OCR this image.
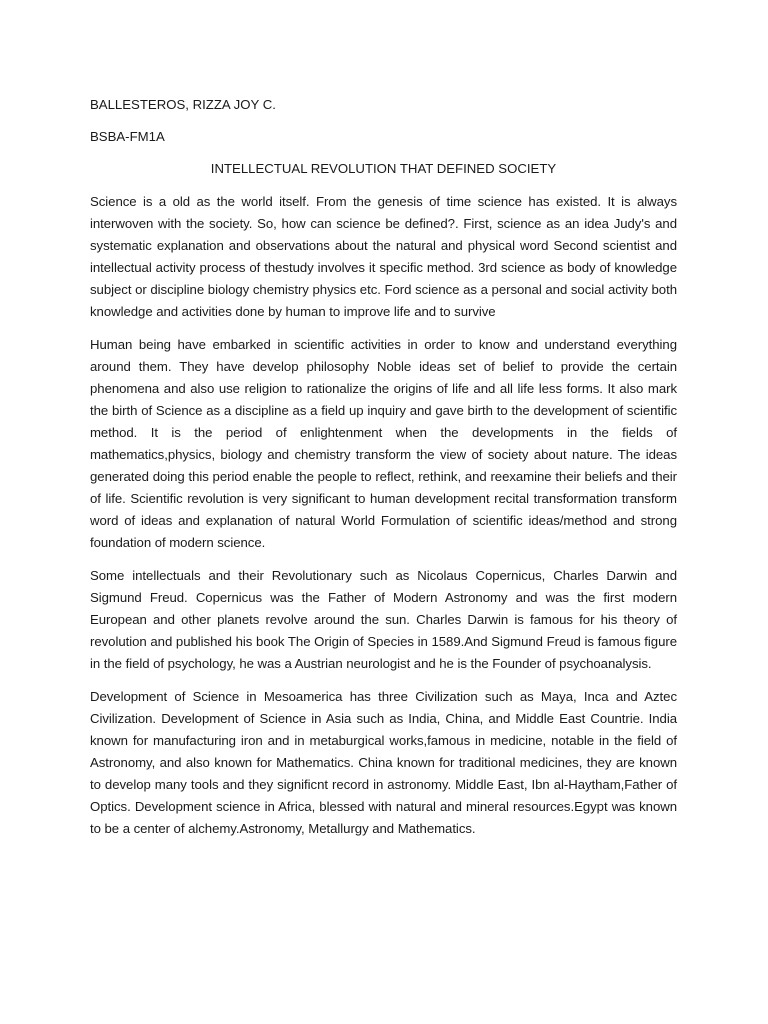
BALLESTEROS, RIZZA JOY C.
BSBA-FM1A
INTELLECTUAL REVOLUTION THAT DEFINED SOCIETY

Science is a old as the world itself. From the genesis of time science has existed. It is always interwoven with the society. So, how can science be defined?. First, science as an idea Judy's and systematic explanation and observations about the natural and physical word Second scientist and intellectual activity process of thestudy involves it specific method. 3rd science as body of knowledge subject or discipline biology chemistry physics etc. Ford science as a personal and social activity both knowledge and activities done by human to improve life and to survive

Human being have embarked in scientific activities in order to know and understand everything around them. They have develop philosophy Noble ideas set of belief to provide the certain phenomena and also use religion to rationalize the origins of life and all life less forms. It also mark the birth of Science as a discipline as a field up inquiry and gave birth to the development of scientific method. It is the period of enlightenment when the developments in the fields of mathematics,physics, biology and chemistry transform the view of society about nature. The ideas generated doing this period enable the people to reflect, rethink, and reexamine their beliefs and their of life. Scientific revolution is very significant to human development recital transformation transform word of ideas and explanation of natural World Formulation of scientific ideas/method and strong foundation of modern science.

Some intellectuals and their Revolutionary such as Nicolaus Copernicus, Charles Darwin and Sigmund Freud. Copernicus was the Father of Modern Astronomy and was the first modern European and other planets revolve around the sun. Charles Darwin is famous for his theory of revolution and published his book The Origin of Species in 1589.And Sigmund Freud is famous figure in the field of psychology, he was a Austrian neurologist and he is the Founder of psychoanalysis.

Development of Science in Mesoamerica has three Civilization such as Maya, Inca and Aztec Civilization. Development of Science in Asia such as India, China, and Middle East Countrie. India known for manufacturing iron and in metaburgical works,famous in medicine, notable in the field of Astronomy, and also known for Mathematics. China known for traditional medicines, they are known to develop many tools and they significnt record in astronomy. Middle East, Ibn al-Haytham,Father of Optics. Development science in Africa, blessed with natural and mineral resources.Egypt was known to be a center of alchemy.Astronomy, Metallurgy and Mathematics.
